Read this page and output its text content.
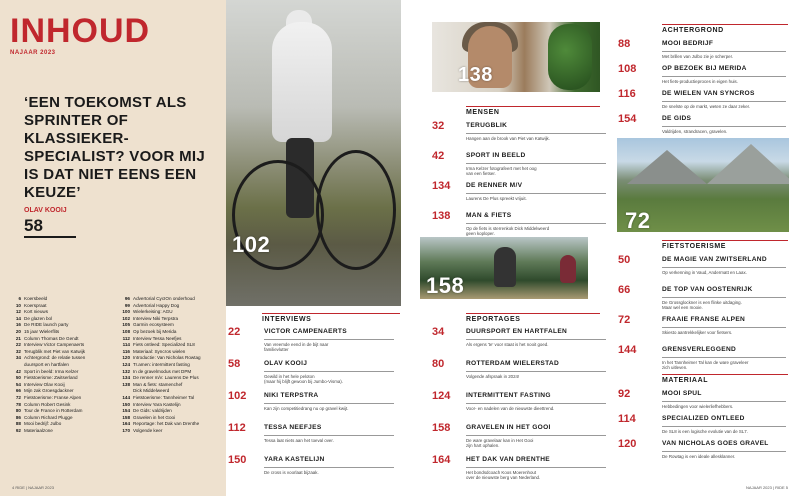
INHOUD
NAJAAR 2023
‘EEN TOEKOMST ALS SPRINTER OF KLASSIEKER-SPECIALIST? VOOR MIJ IS DAT NIET EENS EEN KEUZE’
OLAV KOOIJ
58
6 Koersbeeld
10 Koerspraat
12 Kort nieuws
14 De glazen bol
16 De RIDE launch party
20 15 jaar Wielerflits
21 Column Thomas De Gendt
22 Interview Victor Campenaerts
32 Terugblik met Piet van Katwijk
34 Achtergrond: de relatie tussen
duursport en hartfalen
42 Sport in beeld: Irma Kelzer
50 Fietstoerisme: Zwitserland
54 Interview Olav Kooij
66 Mijn zak Groesgdackner
72 Fietstoerisme: Franse Alpen
78 Column Robert Gesink
80 Tour de France in Rotterdam
86 Column Richard Plugge
88 Mooi bedrijf: Julbo
92 Materiaalzone
96 Advertorial CycIOn onderhoud
99 Advertorial Happy Dog
100 Wielerkeising: AGU
102 Interview Niki Terpstra
105 Garmin ecosysteem
108 Op bezoek bij Merida
112 Interview Tessa Neefjes
114 Fiets ontleed: Specialized SL8
116 Materiaal: Syncros wielen
120 Introductie: Van Nicholas Rowtag
124 Tr.amen: intermittent fasting
132 In de gravelmodus met DPM
134 De renner m/v: Laurens De Plus
138 Man & fiets: stamenchef
Dick Middelweerd
144 Fietstoerisme: Tannheimer Tal
150 Interview Yara Kastelijn
154 De Gids: valdrijden
158 Gravelen in het Gooi
164 Reportage: het Dak van Drenthe
170 Volgende keer
4 RIDE | NAJAAR 2023
102
INTERVIEWS
22	VICTOR CAMPENAERTS
Van vreemde eend in de bijt naar
familievlutter
58	OLAV KOOIJ
Gewild in het hele peloton
(maar hij blijft gewoon bij Jumbo-Visma).
102	NIKI TERPSTRA
Kan zijn competitiedrang nu op gravel kwijt.
112	TESSA NEEFJES
Tessa laat niets aan het toeval over.
150	YARA KASTELIJN
De cross is voorlaat bijzaak.
138
MENSEN
32	TERUGBLIK
Hangen aan de brook van Piet van Katwijk.
42	SPORT IN BEELD
Irma Kelzer fotografeert met het oog
van een fietser.
134 DE RENNER M/V
Laurens De Plus spreekt vrijuit.
138 MAN & FIETS
Op de fiets is sterrenkok Dick Middelweerd
geen koploper.
158
REPORTAGES
34	DUURSPORT EN HARTFALEN
Als ergens 'te' voor staat is het nooit goed.
80	ROTTERDAM WIELERSTAD
Volgende afspraak in 2024!
124 INTERMITTENT FASTING
Voor- en nadelen van de nieuwste dieettrend.
158 GRAVELEN IN HET GOOI
De ware gravelaar kan in Het Gooi
zijn hart ophalen.
164 HET DAK VAN DRENTHE
Het bondsdcoach Koos Moerenhout
over de nieuwste berg van Nederland.
ACHTERGROND
88	MOOI BEDRIJF
Met brillen van Julbo zie je scherper.
108	OP BEZOEK BIJ MERIDA
Het fiets-productieproces in eigen huis.
116	DE WIELEN VAN SYNCROS
De snelste op de markt, weten ze daar zeker.
154	DE GIDS
Valdrijden, strandracen, gravelen.
72
FIETSTOERISME
50	DE MAGIE VAN ZWITSERLAND
Op verkenning in Vaud, Andermatt en Laax.
66	DE TOP VAN OOSTENRIJK
De Grossglockner is een flinke uitdaging.
Maar wel een mooie.
72	FRAAIE FRANSE ALPEN
Skiesto aantrekkelijker voor fietsers.
144	GRENSVERLEGGEND
In het Tannheimer Tal kan de ware graveleer
zich uitleven.
MATERIAAL
92	MOOI SPUL
Hebbedingen voor wielerliefhebbers.
114	SPECIALIZED ONTLEED
De SL8 is een logische evolutie van de SL7.
120	VAN NICHOLAS GOES GRAVEL
De Rowtag is een ideale allesklanner.
NAJAAR 2023 | RIDE 5
